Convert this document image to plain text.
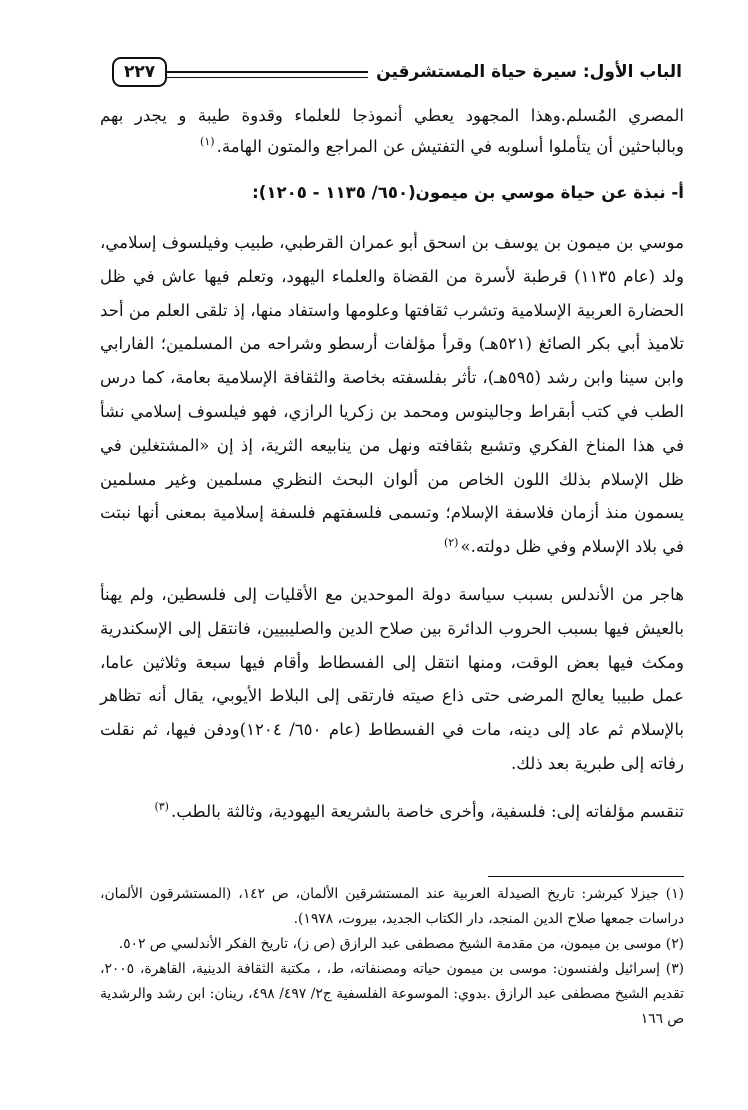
الباب الأول: سيرة حياة المستشرقين
٢٢٧

المصري المُسلم.وهذا المجهود يعطي أنموذجا للعلماء وقدوة طيبة و يجدر بهم وبالباحثين أن يتأملوا أسلوبه في التفتيش عن المراجع والمتون الهامة.$^{(١)}$

أ- نبذة عن حياة موسي بن ميمون(٦٥٠/ ١١٣٥ - ١٢٠٥):

موسي بن ميمون بن يوسف بن اسحق أبو عمران القرطبي، طبيب وفيلسوف إسلامي، ولد (عام ١١٣٥) قرطبة لأسرة من القضاة والعلماء اليهود، وتعلم فيها عاش في ظل الحضارة العربية الإسلامية وتشرب ثقافتها وعلومها واستفاد منها، إذ تلقى العلم من أحد تلاميذ أبي بكر الصائغ (٥٢١هـ) وقرأ مؤلفات أرسطو وشراحه من المسلمين؛ الفارابي وابن سينا وابن رشد (٥٩٥هـ)، تأثر بفلسفته بخاصة والثقافة الإسلامية بعامة، كما درس الطب في كتب أبقراط وجالينوس ومحمد بن زكريا الرازي، فهو فيلسوف إسلامي نشأ في هذا المناخ الفكري وتشبع بثقافته ونهل من ينابيعه الثرية، إذ إن «المشتغلين في ظل الإسلام بذلك اللون الخاص من ألوان البحث النظري مسلمين وغير مسلمين يسمون منذ أزمان فلاسفة الإسلام؛ وتسمى فلسفتهم فلسفة إسلامية بمعنى أنها نبتت في بلاد الإسلام وفي ظل دولته.»$^{(٢)}$

هاجر من الأندلس بسبب سياسة دولة الموحدين مع الأقليات إلى فلسطين، ولم يهنأ بالعيش فيها بسبب الحروب الدائرة بين صلاح الدين والصليبيين، فانتقل إلى الإسكندرية ومكث فيها بعض الوقت، ومنها انتقل إلى الفسطاط وأقام فيها سبعة وثلاثين عاما، عمل طبيبا يعالج المرضى حتى ذاع صيته فارتقى إلى البلاط الأيوبي، يقال أنه تظاهر بالإسلام ثم عاد إلى دينه، مات في الفسطاط (عام ٦٥٠/ ١٢٠٤)ودفن فيها، ثم نقلت رفاته إلى طبرية بعد ذلك.

تنقسم مؤلفاته إلى: فلسفية، وأخرى خاصة بالشريعة اليهودية، وثالثة بالطب.$^{(٣)}$

(١) جيزلا كيرشر: تاريخ الصيدلة العربية عند المستشرقين الألمان، ص ١٤٢، (المستشرقون الألمان، دراسات جمعها صلاح الدين المنجد، دار الكتاب الجديد، بيروت، ١٩٧٨).

(٢) موسى بن ميمون، من مقدمة الشيخ مصطفى عبد الرازق (ص ز)، تاريخ الفكر الأندلسي ص ٥٠٢.

(٣) إسرائيل ولفنسون: موسى بن ميمون حياته ومصنفاته، ط، ، مكتبة الثقافة الدينية، القاهرة، ٢٠٠٥، تقديم الشيخ مصطفى عبد الرازق .بدوي: الموسوعة الفلسفية ج٢/ ٤٩٧/ ٤٩٨، رينان: ابن رشد والرشدية ص ١٦٦
